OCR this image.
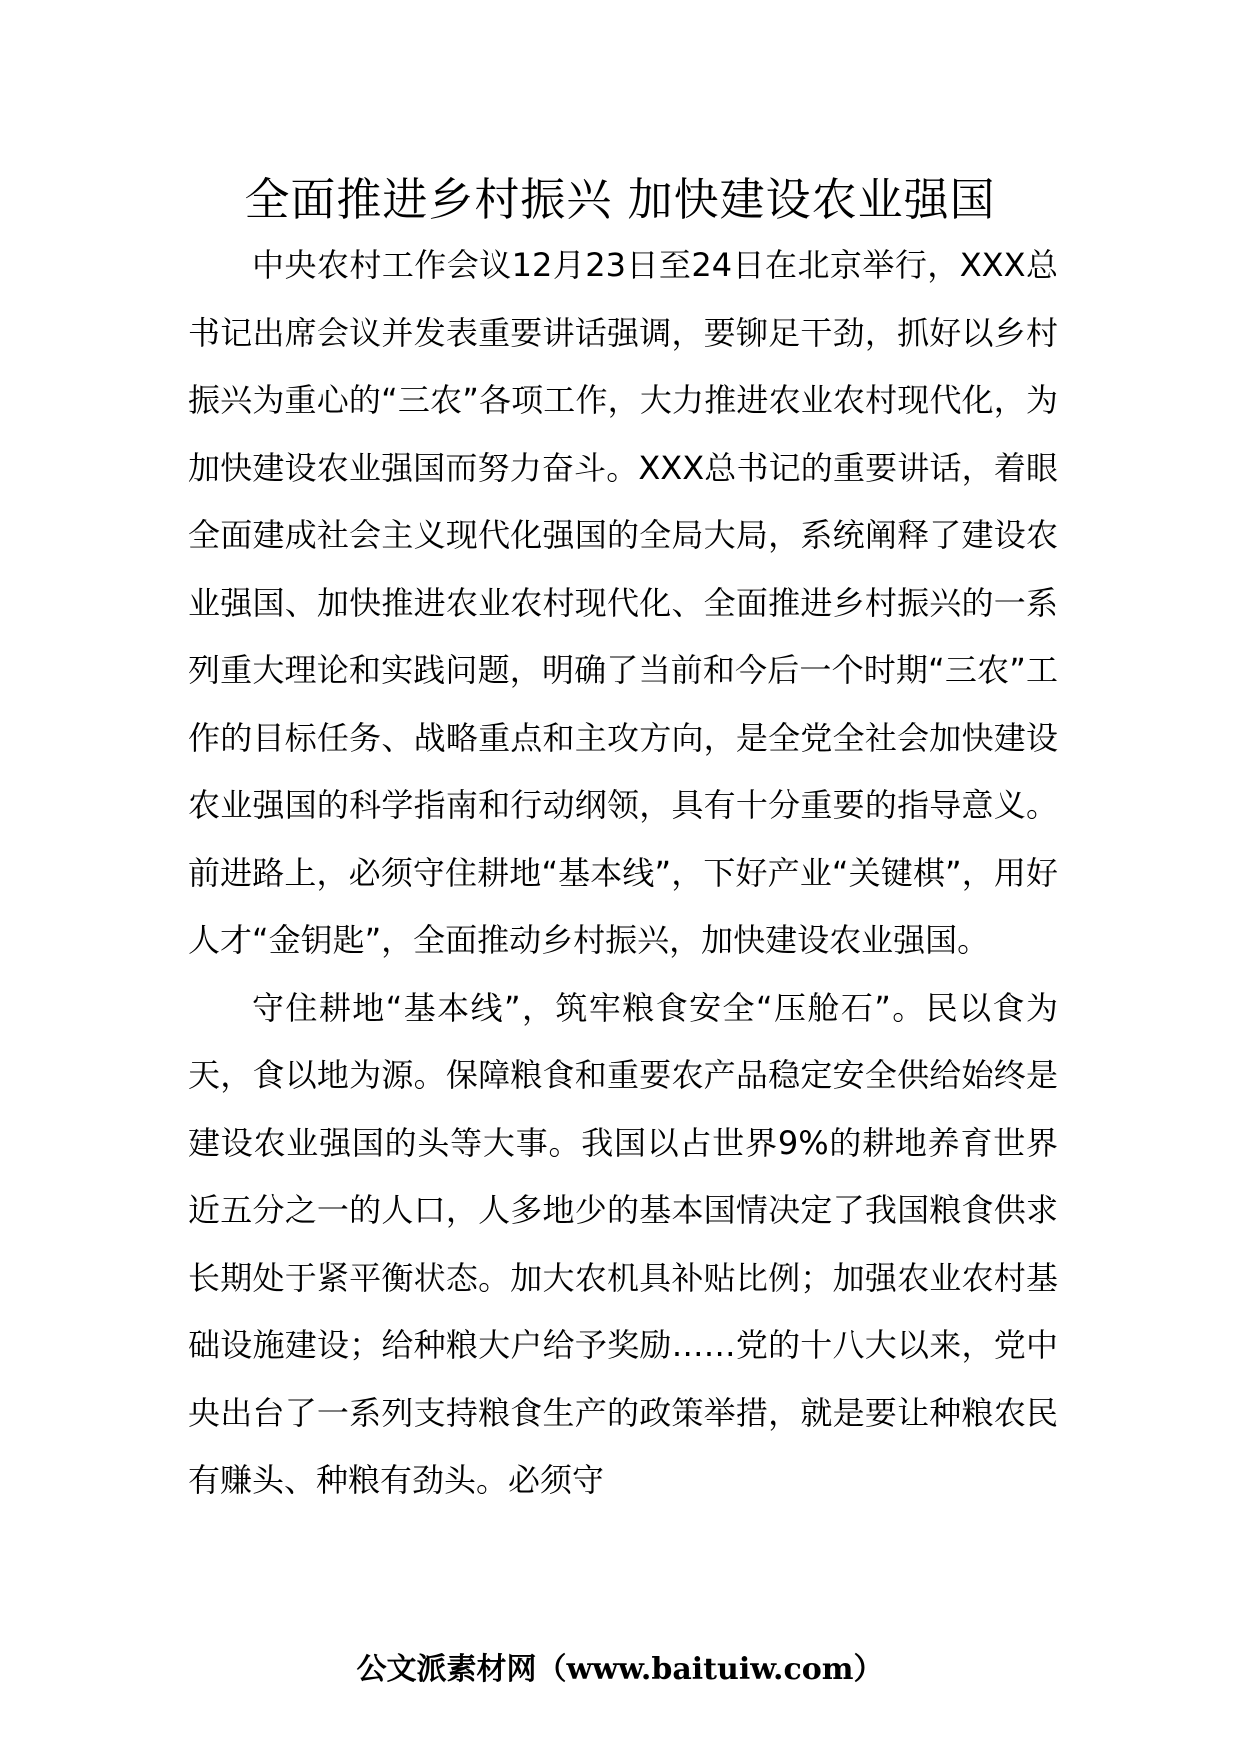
全面推进乡村振兴 加快建设农业强国

中央农村工作会议12月23日至24日在北京举行，XXX总书记出席会议并发表重要讲话强调，要铆足干劲，抓好以乡村振兴为重心的“三农”各项工作，大力推进农业农村现代化，为加快建设农业强国而努力奋斗。XXX总书记的重要讲话，着眼全面建成社会主义现代化强国的全局大局，系统阐释了建设农业强国、加快推进农业农村现代化、全面推进乡村振兴的一系列重大理论和实践问题，明确了当前和今后一个时期“三农”工作的目标任务、战略重点和主攻方向，是全党全社会加快建设农业强国的科学指南和行动纲领，具有十分重要的指导意义。前进路上，必须守住耕地“基本线”，下好产业“关键棋”，用好人才“金钥匙”，全面推动乡村振兴，加快建设农业强国。

守住耕地“基本线”，筑牢粮食安全“压舱石”。民以食为天，食以地为源。保障粮食和重要农产品稳定安全供给始终是建设农业强国的头等大事。我国以占世界9%的耕地养育世界近五分之一的人口，人多地少的基本国情决定了我国粮食供求长期处于紧平衡状态。加大农机具补贴比例；加强农业农村基础设施建设；给种粮大户给予奖励……党的十八大以来，党中央出台了一系列支持粮食生产的政策举措，就是要让种粮农民有赚头、种粮有劲头。必须守

公文派素材网（www.baituiw.com）
